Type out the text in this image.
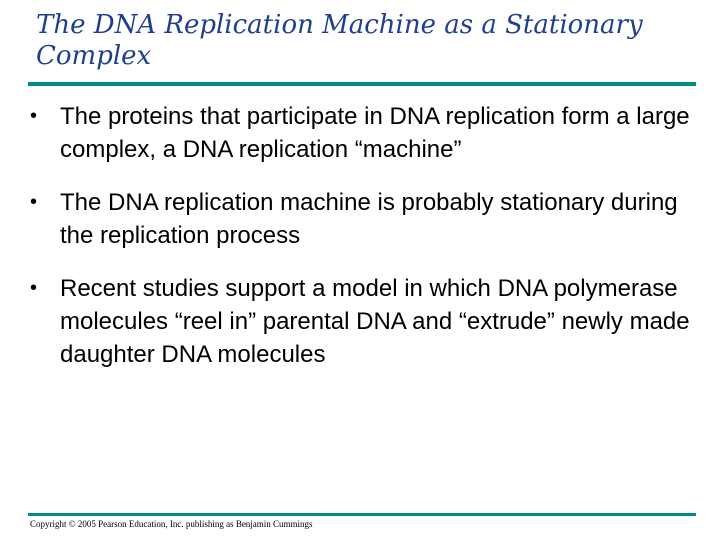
The DNA Replication Machine as a Stationary Complex
• The proteins that participate in DNA replication form a large complex, a DNA replication “machine”
• The DNA replication machine is probably stationary during the replication process
• Recent studies support a model in which DNA polymerase molecules “reel in” parental DNA and “extrude” newly made daughter DNA molecules

Copyright © 2005 Pearson Education, Inc. publishing as Benjamin Cummings
